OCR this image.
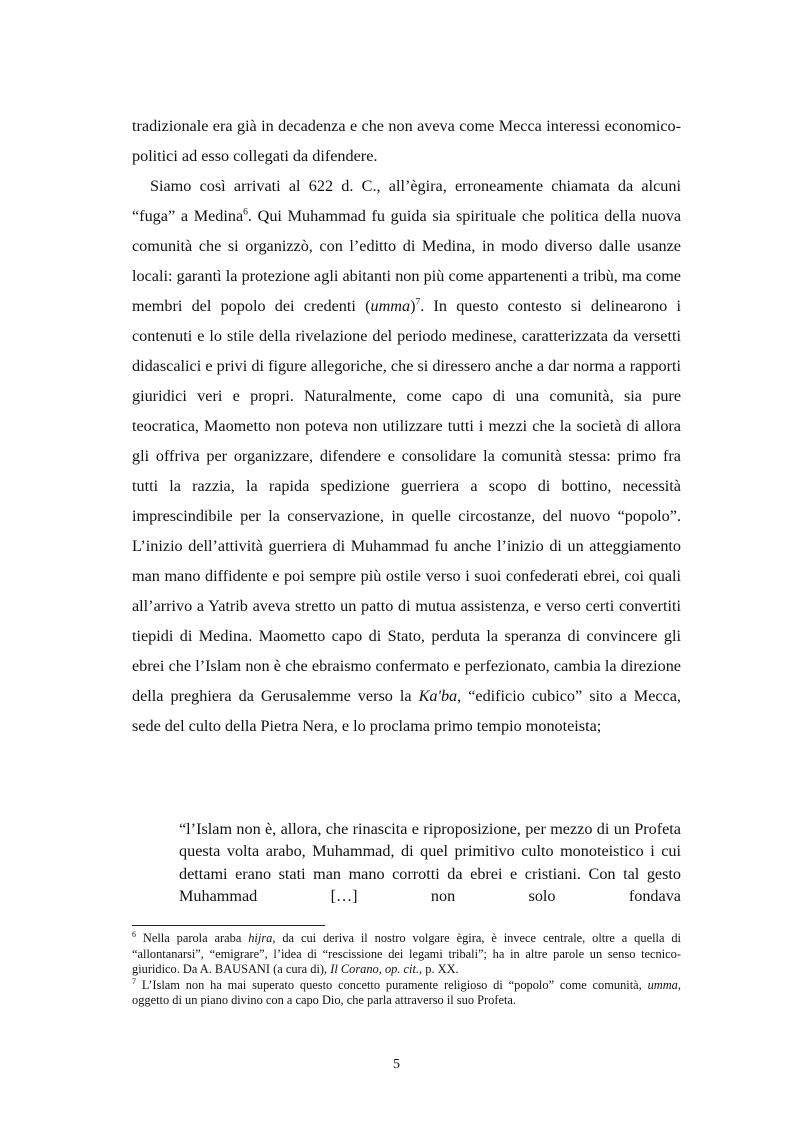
tradizionale era già in decadenza e che non aveva come Mecca interessi economico-politici ad esso collegati da difendere.

Siamo così arrivati al 622 d. C., all’ègira, erroneamente chiamata da alcuni “fuga” a Medina$^6$. Qui Muhammad fu guida sia spirituale che politica della nuova comunità che si organizzò, con l’editto di Medina, in modo diverso dalle usanze locali: garantì la protezione agli abitanti non più come appartenenti a tribù, ma come membri del popolo dei credenti (umma)$^7$. In questo contesto si delinearono i contenuti e lo stile della rivelazione del periodo medinese, caratterizzata da versetti didascalici e privi di figure allegoriche, che si diressero anche a dar norma a rapporti giuridici veri e propri. Naturalmente, come capo di una comunità, sia pure teocratica, Maometto non poteva non utilizzare tutti i mezzi che la società di allora gli offriva per organizzare, difendere e consolidare la comunità stessa: primo fra tutti la razzia, la rapida spedizione guerriera a scopo di bottino, necessità imprescindibile per la conservazione, in quelle circostanze, del nuovo “popolo”. L’inizio dell’attività guerriera di Muhammad fu anche l’inizio di un atteggiamento man mano diffidente e poi sempre più ostile verso i suoi confederati ebrei, coi quali all’arrivo a Yatrib aveva stretto un patto di mutua assistenza, e verso certi convertiti tiepidi di Medina. Maometto capo di Stato, perduta la speranza di convincere gli ebrei che l’Islam non è che ebraismo confermato e perfezionato, cambia la direzione della preghiera da Gerusalemme verso la Ka'ba, “edificio cubico” sito a Mecca, sede del culto della Pietra Nera, e lo proclama primo tempio monoteista;

“l’Islam non è, allora, che rinascita e riproposizione, per mezzo di un Profeta questa volta arabo, Muhammad, di quel primitivo culto monoteistico i cui dettami erano stati man mano corrotti da ebrei e cristiani. Con tal gesto Muhammad […] non solo fondava

$^6$ Nella parola araba hijra, da cui deriva il nostro volgare ègira, è invece centrale, oltre a quella di “allontanarsi”, “emigrare”, l’idea di “rescissione dei legami tribali”; ha in altre parole un senso tecnico-giuridico. Da A. BAUSANI (a cura di), Il Corano, op. cit., p. XX.

$^7$ L’Islam non ha mai superato questo concetto puramente religioso di “popolo” come comunità, umma, oggetto di un piano divino con a capo Dio, che parla attraverso il suo Profeta.

5
